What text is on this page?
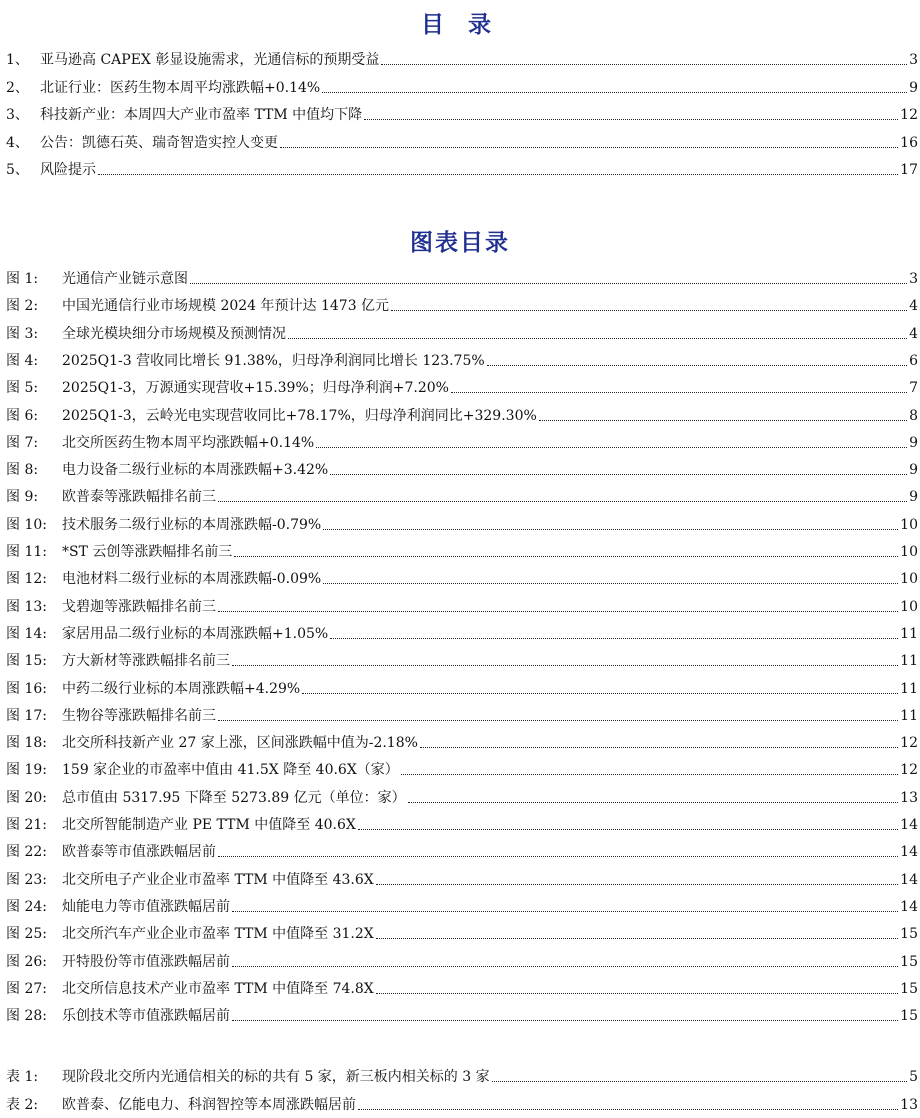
目 录
1、 亚马逊高 CAPEX 彰显设施需求，光通信标的预期受益	3
2、 北证行业：医药生物本周平均涨跌幅+0.14%	9
3、 科技新产业：本周四大产业市盈率 TTM 中值均下降	12
4、 公告：凯德石英、瑞奇智造实控人变更	16
5、 风险提示	17
图表目录
图 1:	光通信产业链示意图	3
图 2:	中国光通信行业市场规模 2024 年预计达 1473 亿元	4
图 3:	全球光模块细分市场规模及预测情况	4
图 4:	2025Q1-3 营收同比增长 91.38%，归母净利润同比增长 123.75%	6
图 5:	2025Q1-3，万源通实现营收+15.39%；归母净利润+7.20%	7
图 6:	2025Q1-3，云岭光电实现营收同比+78.17%，归母净利润同比+329.30%	8
图 7:	北交所医药生物本周平均涨跌幅+0.14%	9
图 8:	电力设备二级行业标的本周涨跌幅+3.42%	9
图 9:	欧普泰等涨跌幅排名前三	9
图 10:	技术服务二级行业标的本周涨跌幅-0.79%	10
图 11:	*ST 云创等涨跌幅排名前三	10
图 12:	电池材料二级行业标的本周涨跌幅-0.09%	10
图 13:	戈碧迦等涨跌幅排名前三	10
图 14:	家居用品二级行业标的本周涨跌幅+1.05%	11
图 15:	方大新材等涨跌幅排名前三	11
图 16:	中药二级行业标的本周涨跌幅+4.29%	11
图 17:	生物谷等涨跌幅排名前三	11
图 18:	北交所科技新产业 27 家上涨，区间涨跌幅中值为-2.18%	12
图 19:	159 家企业的市盈率中值由 41.5X 降至 40.6X（家）	12
图 20:	总市值由 5317.95 下降至 5273.89 亿元（单位：家）	13
图 21:	北交所智能制造产业 PE TTM 中值降至 40.6X	14
图 22:	欧普泰等市值涨跌幅居前	14
图 23:	北交所电子产业企业市盈率 TTM 中值降至 43.6X	14
图 24:	灿能电力等市值涨跌幅居前	14
图 25:	北交所汽车产业企业市盈率 TTM 中值降至 31.2X	15
图 26:	开特股份等市值涨跌幅居前	15
图 27:	北交所信息技术产业市盈率 TTM 中值降至 74.8X	15
图 28:	乐创技术等市值涨跌幅居前	15
表 1:	现阶段北交所内光通信相关的标的共有 5 家，新三板内相关标的 3 家	5
表 2:	欧普泰、亿能电力、科润智控等本周涨跌幅居前	13
